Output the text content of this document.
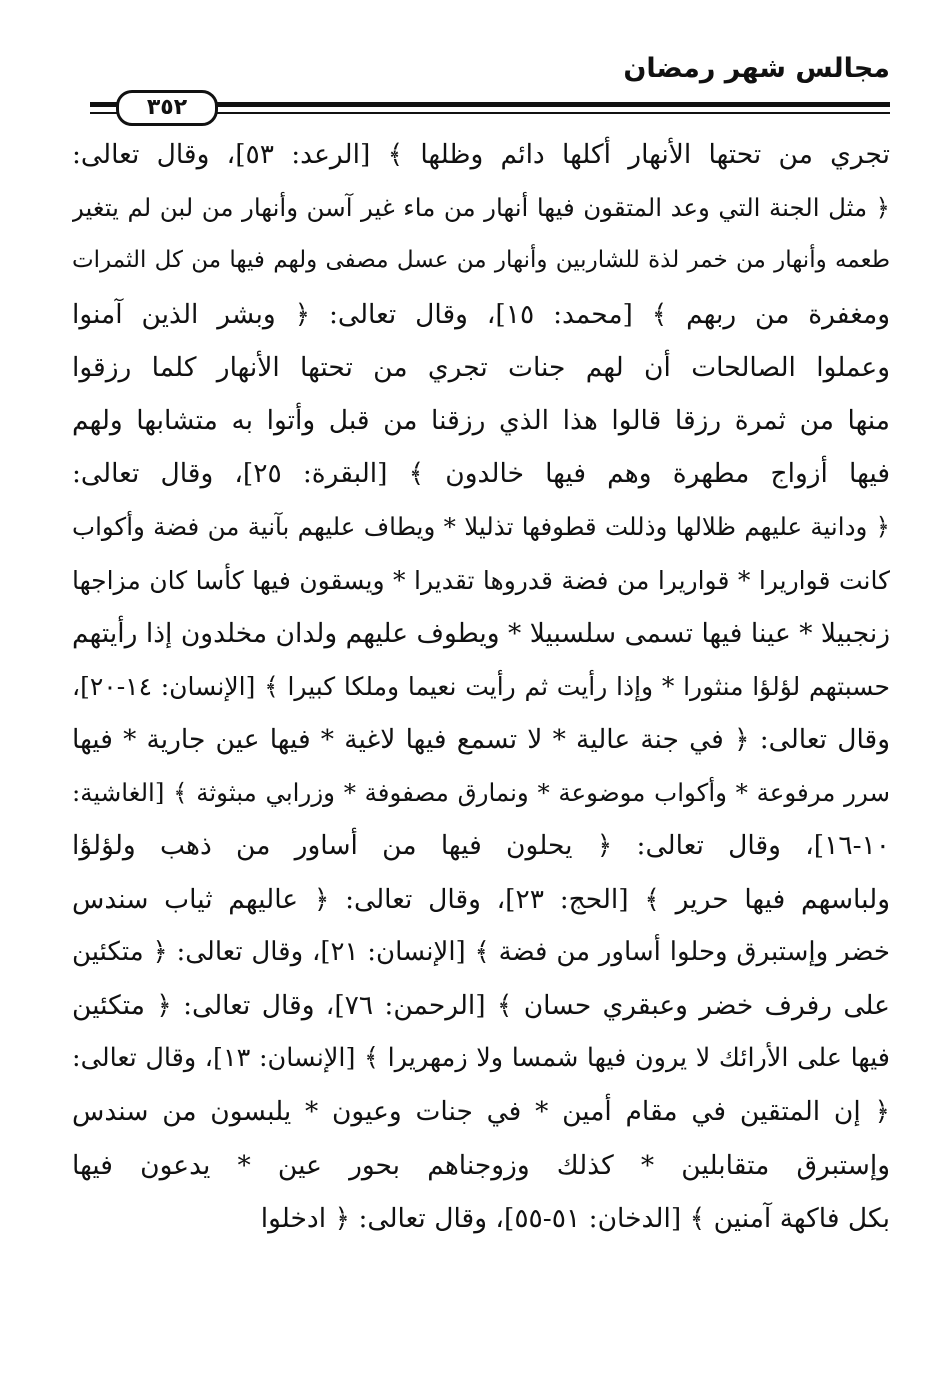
مجالس شهر رمضان
٣٥٢
تجري من تحتها الأنهار أكلها دائم وظلها ﴾ [الرعد: ٥٣]، وقال تعالى:
﴿ مثل الجنة التي وعد المتقون فيها أنهار من ماء غير آسن وأنهار من لبن لم يتغير
طعمه وأنهار من خمر لذة للشاربين وأنهار من عسل مصفى ولهم فيها من كل الثمرات
ومغفرة من ربهم ﴾ [محمد: ١٥]، وقال تعالى: ﴿ وبشر الذين آمنوا
وعملوا الصالحات أن لهم جنات تجري من تحتها الأنهار كلما رزقوا
منها من ثمرة رزقا قالوا هذا الذي رزقنا من قبل وأتوا به متشابها ولهم
فيها أزواج مطهرة وهم فيها خالدون ﴾ [البقرة: ٢٥]، وقال تعالى:
﴿ ودانية عليهم ظلالها وذللت قطوفها تذليلا * ويطاف عليهم بآنية من فضة وأكواب
كانت قواريرا * قواريرا من فضة قدروها تقديرا * ويسقون فيها كأسا كان مزاجها
زنجبيلا * عينا فيها تسمى سلسبيلا * ويطوف عليهم ولدان مخلدون إذا رأيتهم
حسبتهم لؤلؤا منثورا * وإذا رأيت ثم رأيت نعيما وملكا كبيرا ﴾ [الإنسان: ١٤-٢٠]،
وقال تعالى: ﴿ في جنة عالية * لا تسمع فيها لاغية * فيها عين جارية * فيها
سرر مرفوعة * وأكواب موضوعة * ونمارق مصفوفة * وزرابي مبثوثة ﴾ [الغاشية:
١٠-١٦]، وقال تعالى: ﴿ يحلون فيها من أساور من ذهب ولؤلؤا
ولباسهم فيها حرير ﴾ [الحج: ٢٣]، وقال تعالى: ﴿ عاليهم ثياب سندس
خضر وإستبرق وحلوا أساور من فضة ﴾ [الإنسان: ٢١]، وقال تعالى: ﴿ متكئين
على رفرف خضر وعبقري حسان ﴾ [الرحمن: ٧٦]، وقال تعالى: ﴿ متكئين
فيها على الأرائك لا يرون فيها شمسا ولا زمهريرا ﴾ [الإنسان: ١٣]، وقال تعالى:
﴿ إن المتقين في مقام أمين * في جنات وعيون * يلبسون من سندس
وإستبرق متقابلين * كذلك وزوجناهم بحور عين * يدعون فيها
بكل فاكهة آمنين ﴾ [الدخان: ٥١-٥٥]، وقال تعالى: ﴿ ادخلوا
